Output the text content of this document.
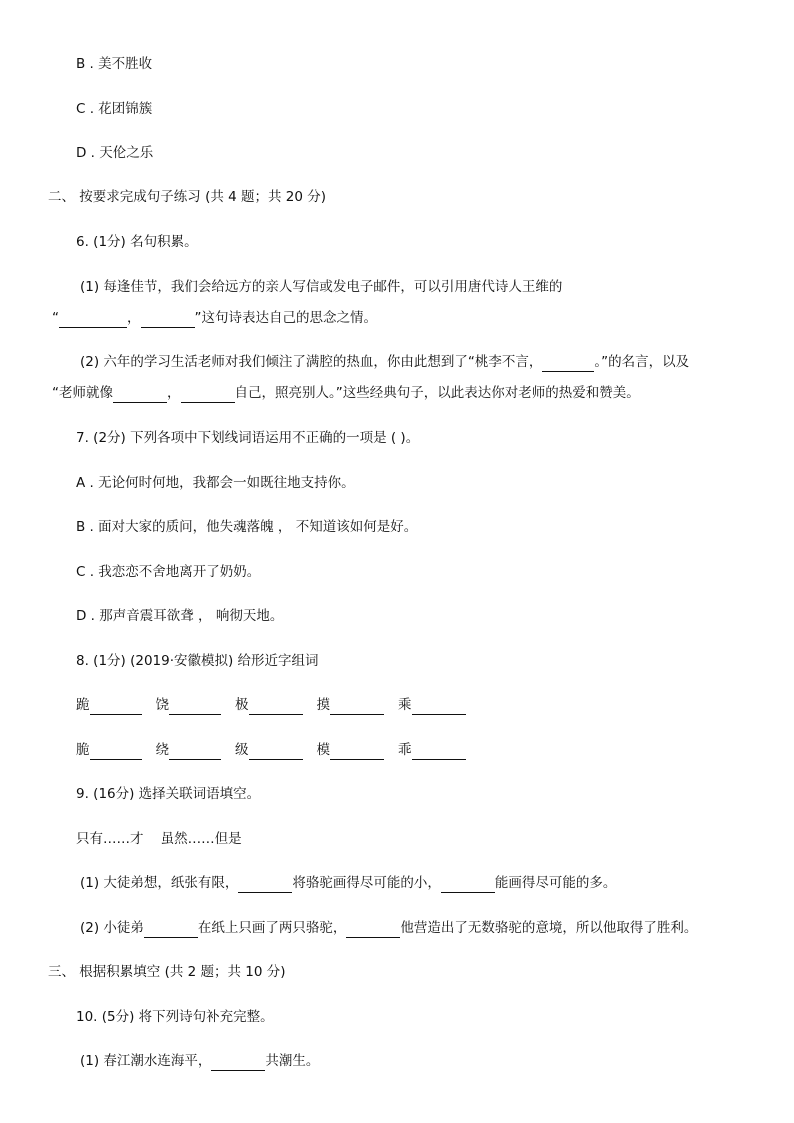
B . 美不胜收
C . 花团锦簇
D . 天伦之乐
二、 按要求完成句子练习 (共 4 题；共 20 分)
6. (1分) 名句积累。
(1) 每逢佳节，我们会给远方的亲人写信或发电子邮件，可以引用唐代诗人王维的
“	，	”这句诗表达自己的思念之情。
(2) 六年的学习生活老师对我们倾注了满腔的热血，你由此想到了“桃李不言，	。”的名言，以及
“老师就像	，	自己，照亮别人。”这些经典句子，以此表达你对老师的热爱和赞美。
7. (2分) 下列各项中下划线词语运用不正确的一项是 ( )。
A . 无论何时何地，我都会一如既往地支持你。
B . 面对大家的质问，他失魂落魄 ， 不知道该如何是好。
C . 我恋恋不舍地离开了奶奶。
D . 那声音震耳欲聋 ， 响彻天地。
8. (1分) (2019·安徽模拟) 给形近字组词
跪	饶	极	摸	乘
脆	绕	级	模	乖
9. (16分) 选择关联词语填空。
只有……才    虽然……但是
(1) 大徒弟想，纸张有限，	将骆驼画得尽可能的小，	能画得尽可能的多。
(2) 小徒弟	在纸上只画了两只骆驼，	他营造出了无数骆驼的意境，所以他取得了胜利。
三、 根据积累填空 (共 2 题；共 10 分)
10. (5分) 将下列诗句补充完整。
(1) 春江潮水连海平，	共潮生。
